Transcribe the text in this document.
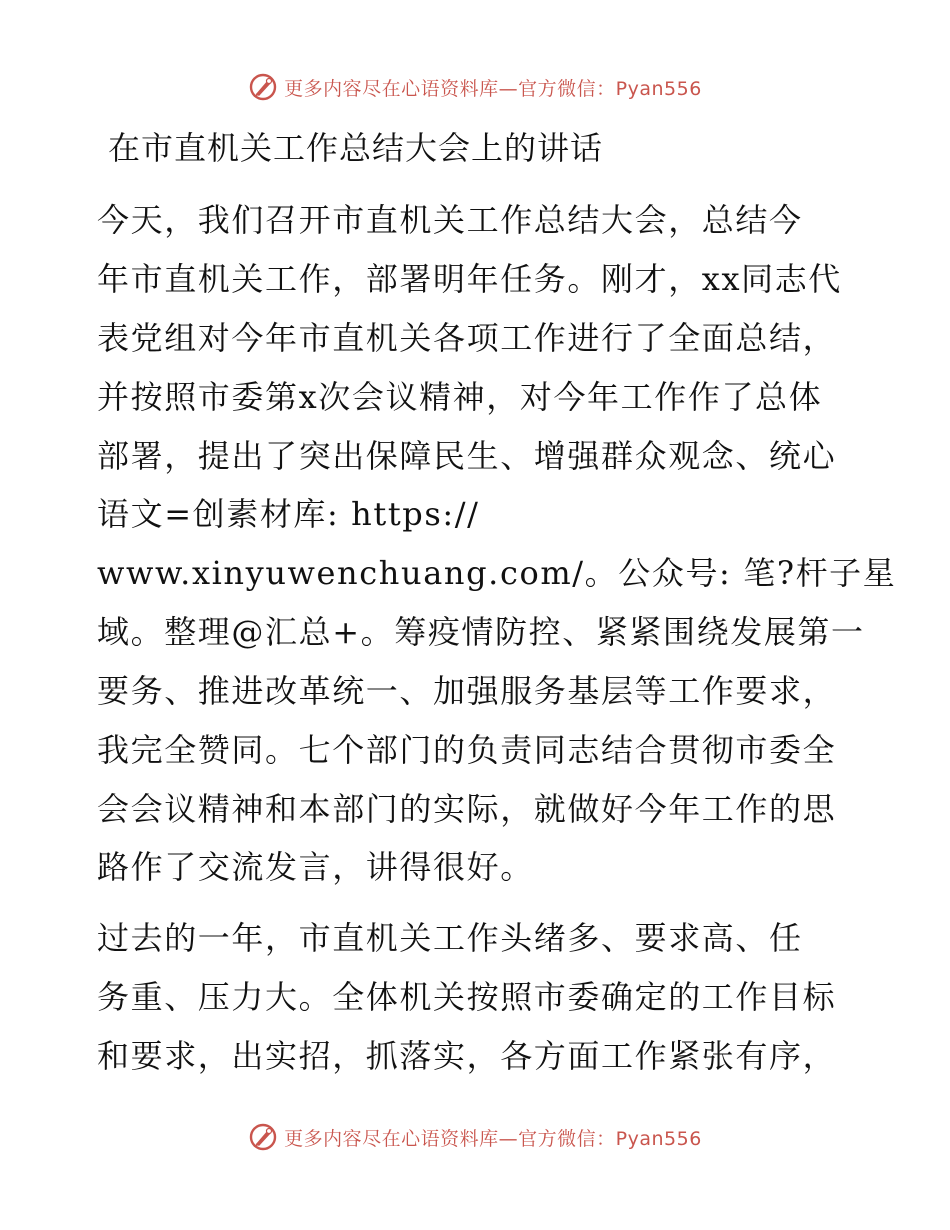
更多内容尽在心语资料库—官方微信：Pyan556
在市直机关工作总结大会上的讲话
今天，我们召开市直机关工作总结大会，总结今
年市直机关工作，部署明年任务。刚才，xx同志代
表党组对今年市直机关各项工作进行了全面总结，
并按照市委第x次会议精神，对今年工作作了总体
部署，提出了突出保障民生、增强群众观念、统心
语文=创素材库: https://
www.xinyuwenchuang.com/。公众号: 笔?杆子星
域。整理@汇总+。筹疫情防控、紧紧围绕发展第一
要务、推进改革统一、加强服务基层等工作要求，
我完全赞同。七个部门的负责同志结合贯彻市委全
会会议精神和本部门的实际，就做好今年工作的思
路作了交流发言，讲得很好。
过去的一年，市直机关工作头绪多、要求高、任
务重、压力大。全体机关按照市委确定的工作目标
和要求，出实招，抓落实，各方面工作紧张有序，
更多内容尽在心语资料库—官方微信：Pyan556
